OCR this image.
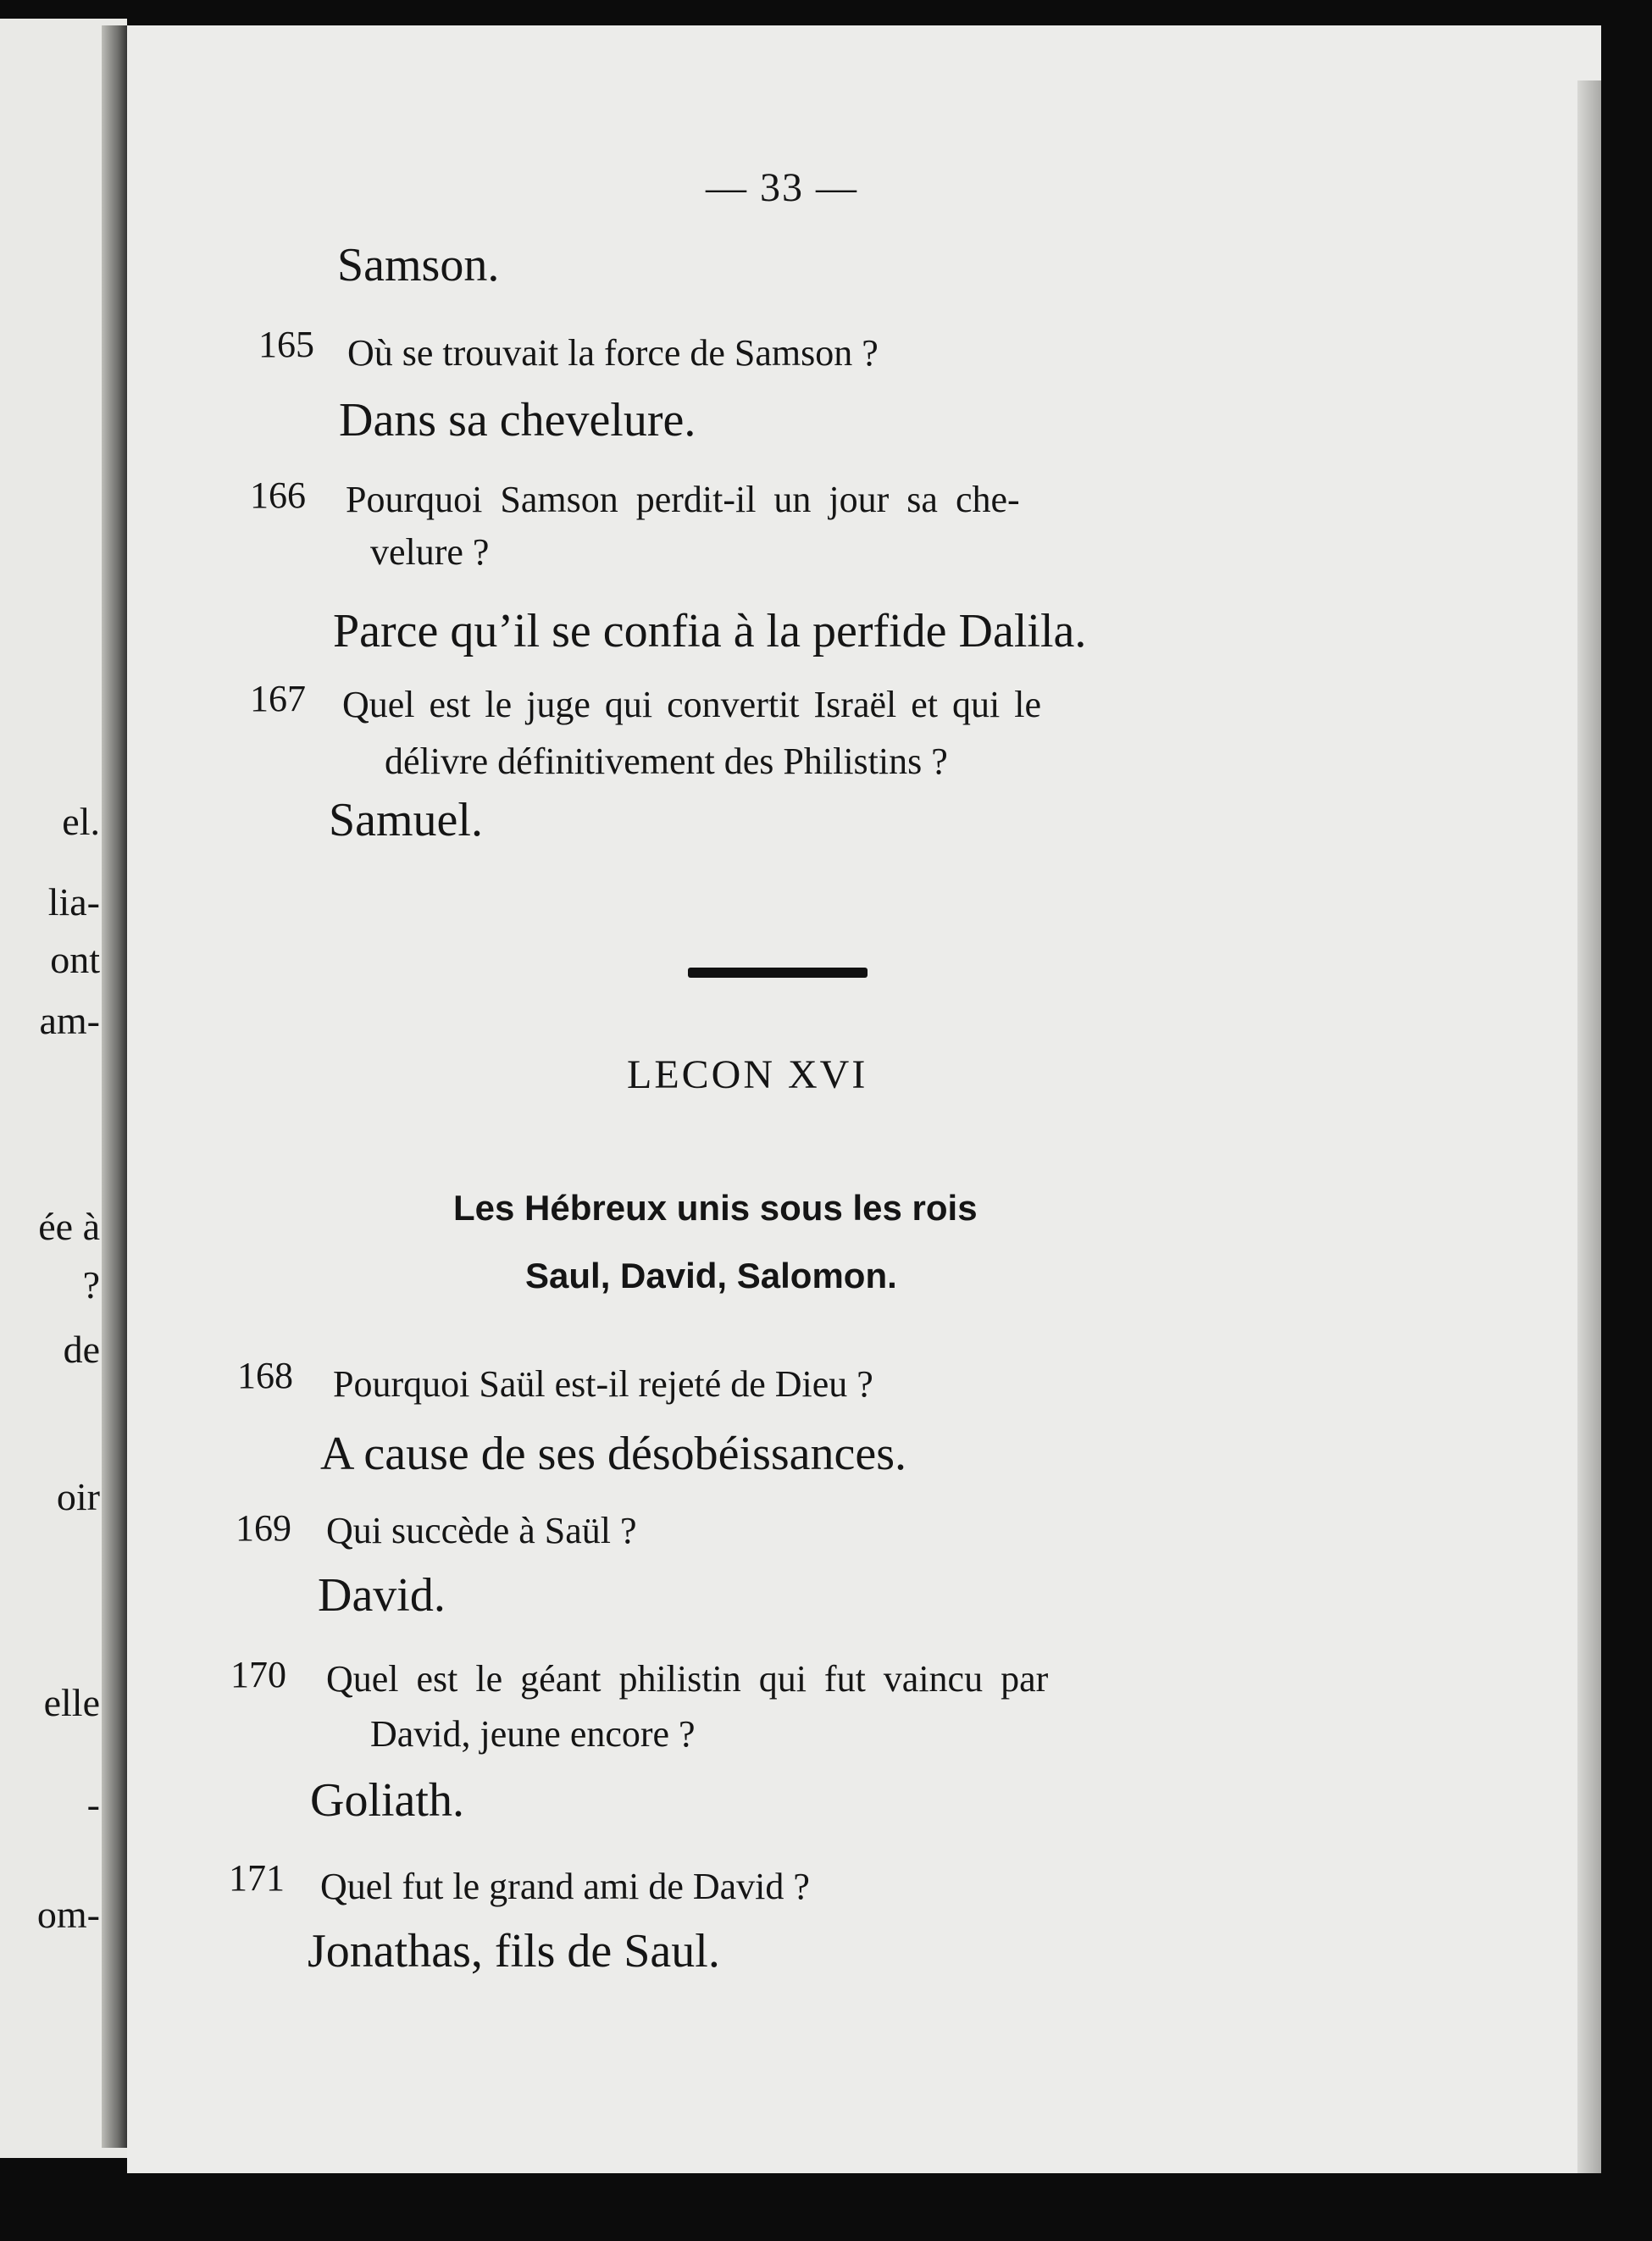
el.
lia-
ont
am-
ée à
?
de
oir
elle
-
om-
— 33 —
Samson.
165 Où se trouvait la force de Samson ?
Dans sa chevelure.
166 Pourquoi Samson perdit-il un jour sa che-
velure ?
Parce qu’il se confia à la perfide Dalila.
167 Quel est le juge qui convertit Israël et qui le
délivre définitivement des Philistins ?
Samuel.
LECON XVI
Les Hébreux unis sous les rois
Saul, David, Salomon.
168 Pourquoi Saül est-il rejeté de Dieu ?
A cause de ses désobéissances.
169 Qui succède à Saül ?
David.
170 Quel est le géant philistin qui fut vaincu par
David, jeune encore ?
Goliath.
171 Quel fut le grand ami de David ?
Jonathas, fils de Saul.
